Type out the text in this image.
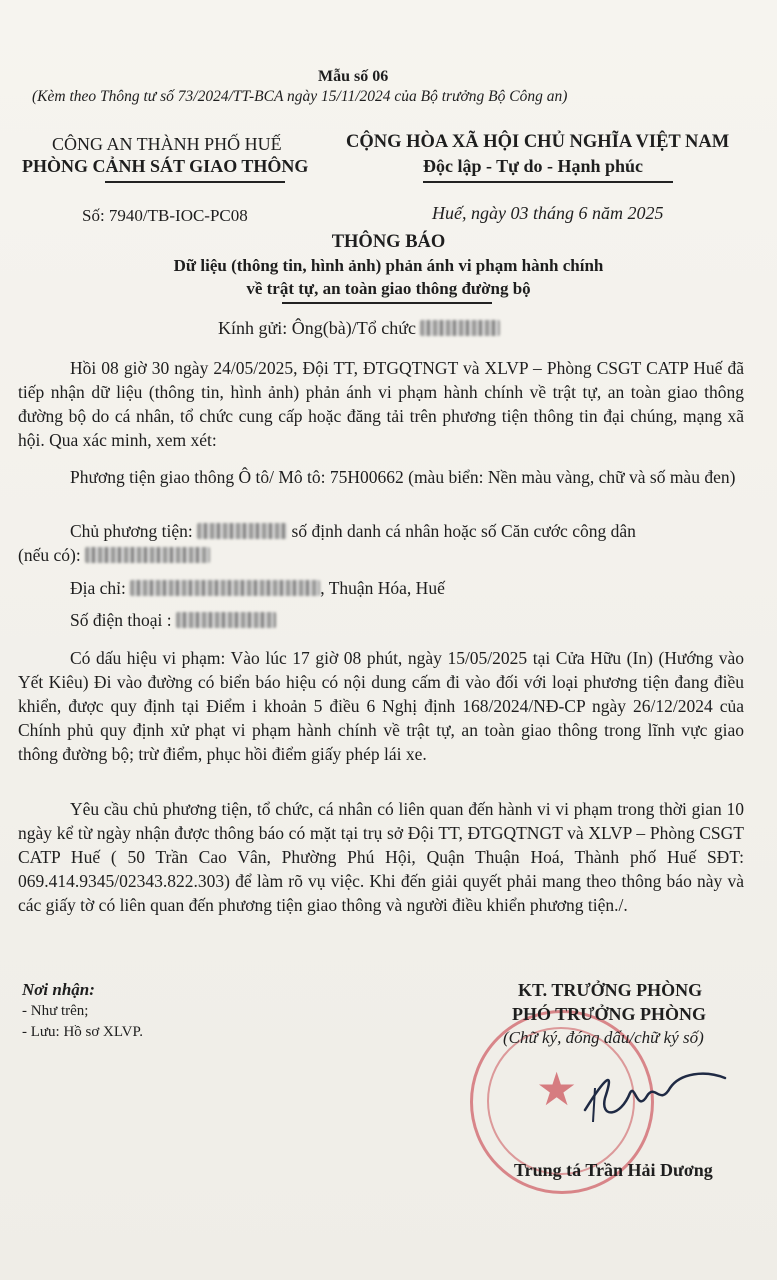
Mẫu số 06
(Kèm theo Thông tư số 73/2024/TT-BCA ngày 15/11/2024 của Bộ trưởng Bộ Công an)
CÔNG AN THÀNH PHỐ HUẾ
PHÒNG CẢNH SÁT GIAO THÔNG
CỘNG HÒA XÃ HỘI CHỦ NGHĨA VIỆT NAM
Độc lập - Tự do - Hạnh phúc
Số: 7940/TB-IOC-PC08	Huế, ngày 03 tháng 6 năm 2025
THÔNG BÁO
Dữ liệu (thông tin, hình ảnh) phản ánh vi phạm hành chính
về trật tự, an toàn giao thông đường bộ
Kính gửi: Ông(bà)/Tổ chức
Hồi 08 giờ 30 ngày 24/05/2025, Đội TT, ĐTGQTNGT và XLVP – Phòng CSGT CATP Huế đã tiếp nhận dữ liệu (thông tin, hình ảnh) phản ánh vi phạm hành chính về trật tự, an toàn giao thông đường bộ do cá nhân, tổ chức cung cấp hoặc đăng tải trên phương tiện thông tin đại chúng, mạng xã hội. Qua xác minh, xem xét:
Phương tiện giao thông Ô tô/ Mô tô: 75H00662 (màu biển: Nền màu vàng, chữ và số màu đen)
Chủ phương tiện:	số định danh cá nhân hoặc số Căn cước công dân
(nếu có):
Địa chỉ:	, Thuận Hóa, Huế
Số điện thoại :
Có dấu hiệu vi phạm: Vào lúc 17 giờ 08 phút, ngày 15/05/2025 tại Cửa Hữu (In) (Hướng vào Yết Kiêu) Đi vào đường có biển báo hiệu có nội dung cấm đi vào đối với loại phương tiện đang điều khiển, được quy định tại Điểm i khoản 5 điều 6 Nghị định 168/2024/NĐ-CP ngày 26/12/2024 của Chính phủ quy định xử phạt vi phạm hành chính về trật tự, an toàn giao thông trong lĩnh vực giao thông đường bộ; trừ điểm, phục hồi điểm giấy phép lái xe.
Yêu cầu chủ phương tiện, tổ chức, cá nhân có liên quan đến hành vi vi phạm trong thời gian 10 ngày kể từ ngày nhận được thông báo có mặt tại trụ sở Đội TT, ĐTGQTNGT và XLVP – Phòng CSGT CATP Huế ( 50 Trần Cao Vân, Phường Phú Hội, Quận Thuận Hoá, Thành phố Huế SĐT: 069.414.9345/02343.822.303) để làm rõ vụ việc. Khi đến giải quyết phải mang theo thông báo này và các giấy tờ có liên quan đến phương tiện giao thông và người điều khiển phương tiện./.
Nơi nhận:
- Như trên;
- Lưu: Hồ sơ XLVP.
★
KT. TRƯỞNG PHÒNG
PHÓ TRƯỞNG PHÒNG
(Chữ ký, đóng dấu/chữ ký số)
Trung tá Trần Hải Dương
